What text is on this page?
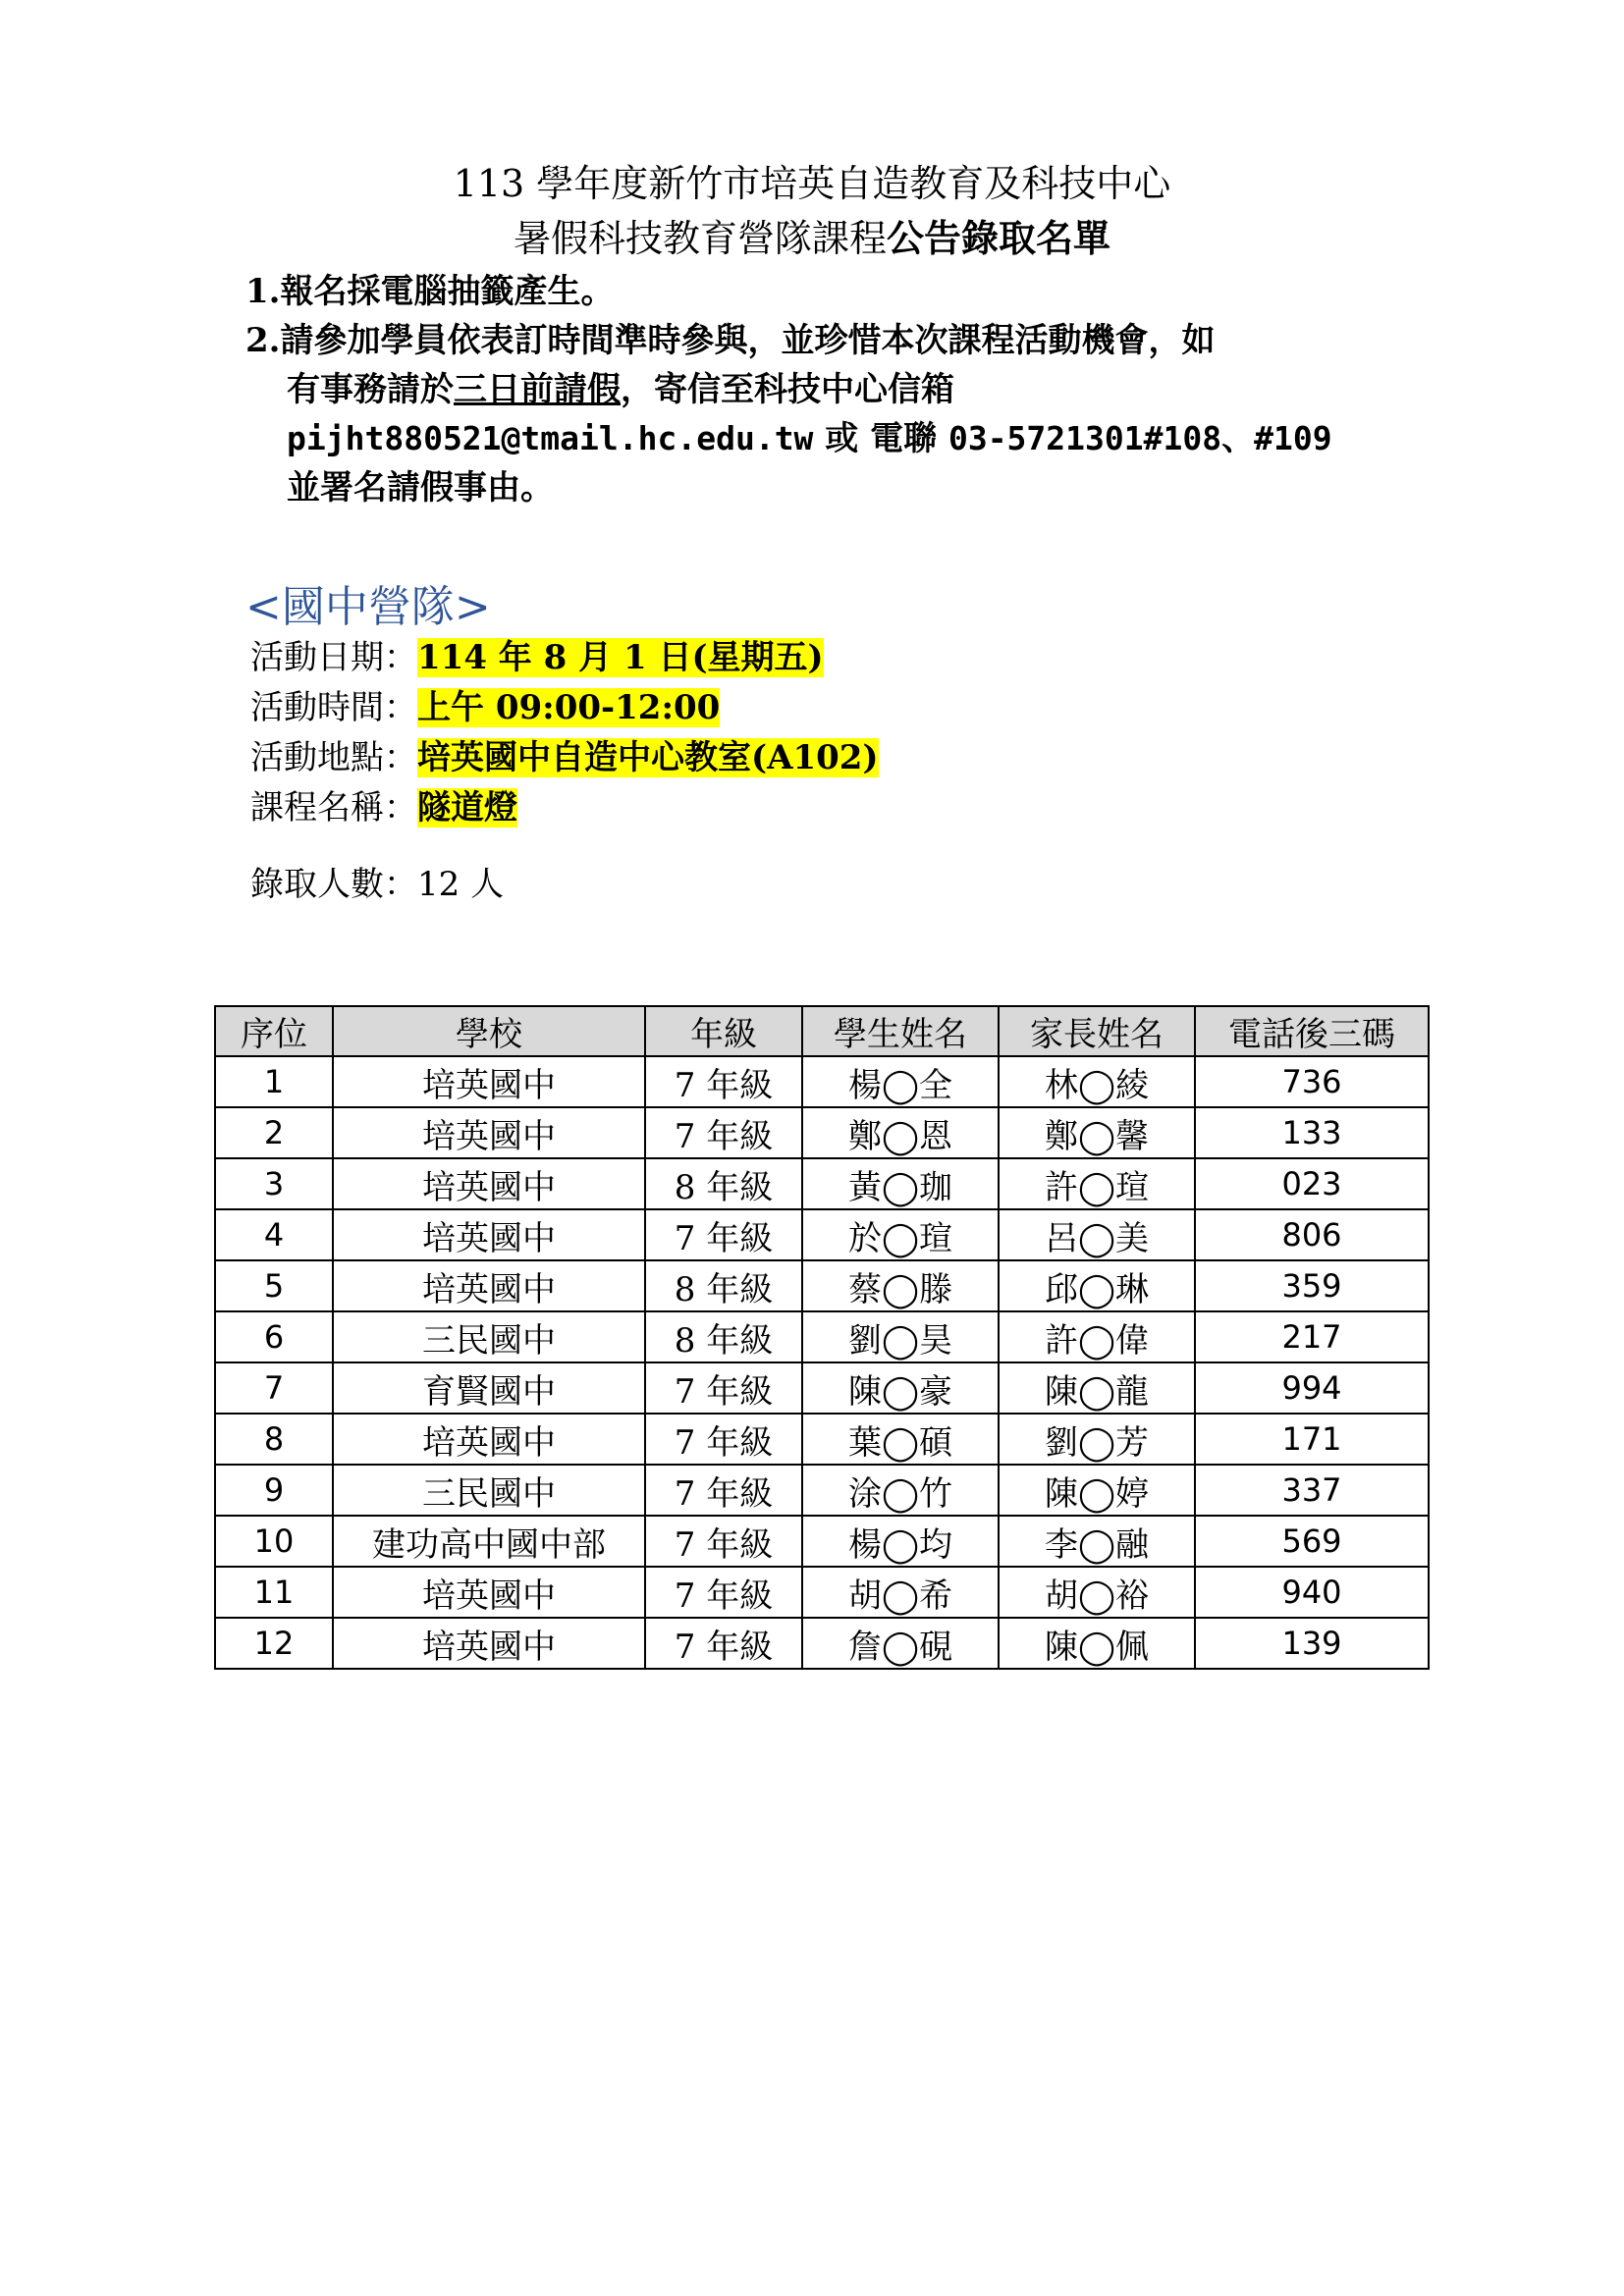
113 學年度新竹市培英自造教育及科技中心
暑假科技教育營隊課程公告錄取名單
1.報名採電腦抽籤產生。
2.請參加學員依表訂時間準時參與，並珍惜本次課程活動機會，如
有事務請於三日前請假，寄信至科技中心信箱
pijht880521@tmail.hc.edu.tw 或 電聯 03-5721301#108、#109
並署名請假事由。
<國中營隊>
活動日期：114 年 8 月 1 日(星期五)
活動時間：上午 09:00-12:00
活動地點：培英國中自造中心教室(A102)
課程名稱：隧道燈
錄取人數：12 人
序位	學校	年級	學生姓名	家長姓名	電話後三碼
1	培英國中	7 年級	楊◯全	林◯綾	736
2	培英國中	7 年級	鄭◯恩	鄭◯馨	133
3	培英國中	8 年級	黃◯珈	許◯瑄	023
4	培英國中	7 年級	於◯瑄	呂◯美	806
5	培英國中	8 年級	蔡◯滕	邱◯琳	359
6	三民國中	8 年級	劉◯昊	許◯偉	217
7	育賢國中	7 年級	陳◯豪	陳◯龍	994
8	培英國中	7 年級	葉◯碩	劉◯芳	171
9	三民國中	7 年級	涂◯竹	陳◯婷	337
10	建功高中國中部	7 年級	楊◯均	李◯融	569
11	培英國中	7 年級	胡◯希	胡◯裕	940
12	培英國中	7 年級	詹◯硯	陳◯佩	139
